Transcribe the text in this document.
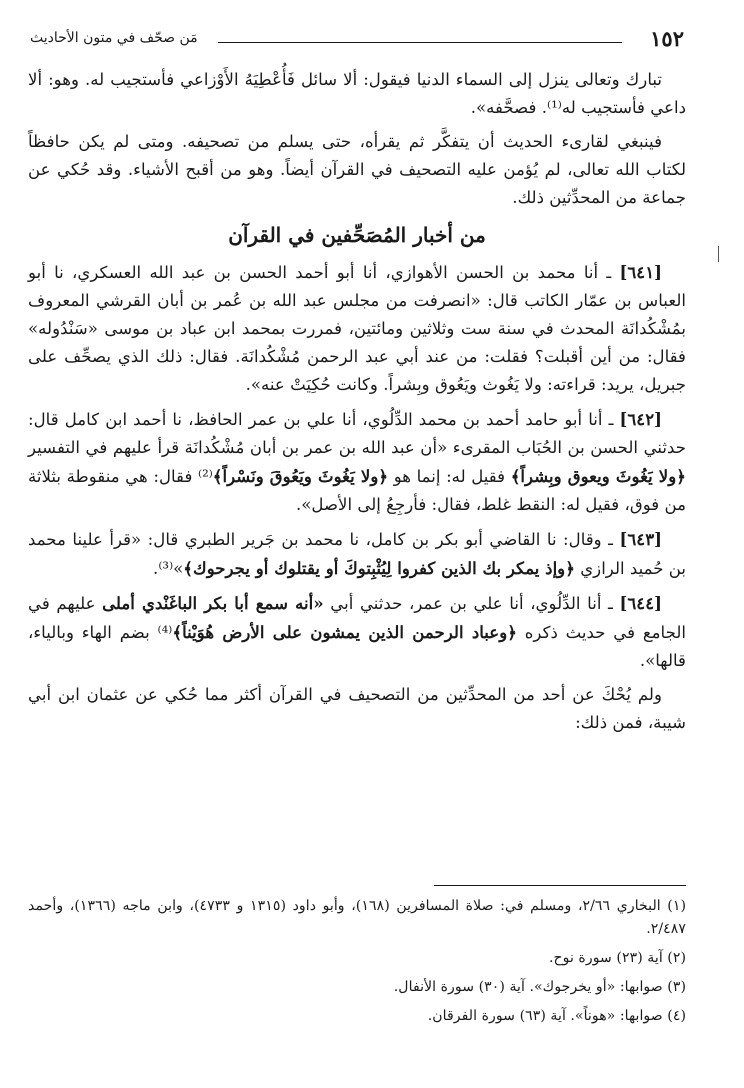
١٥٢
مَن صحّف في متون الأحاديث

تبارك وتعالى ينزل إلى السماء الدنيا فيقول: ألا سائل فَأُعْطِيَهُ الأَوْزاعي فأستجيب له. وهو: ألا داعي فأستجيب له⁽¹⁾. فصحَّفه».

فينبغي لقارىء الحديث أن يتفكَّر ثم يقرأه، حتى يسلم من تصحيفه. ومتى لم يكن حافظاً لكتاب الله تعالى، لم يُؤمن عليه التصحيف في القرآن أيضاً. وهو من أقبح الأشياء. وقد حُكي عن جماعة من المحدِّثين ذلك.

من أخبار المُصَحِّفين في القرآن

[٦٤١] ـ أنا محمد بن الحسن الأهوازي، أنا أبو أحمد الحسن بن عبد الله العسكري، نا أبو العباس بن عمّار الكاتب قال: «انصرفت من مجلس عبد الله بن عُمر بن أبان القرشي المعروف بمُشْكُدانَة المحدث في سنة ست وثلاثين ومائتين، فمررت بمحمد ابن عباد بن موسى «سَنْدُوله» فقال: من أين أقبلت؟ فقلت: من عند أبي عبد الرحمن مُشْكُدانَة. فقال: ذلك الذي يصحِّف على جبريل، يريد: قراءته: ولا يَغُوث ويَعُوق وبِشراً. وكانت حُكِيَتْ عنه».

[٦٤٢] ـ أنا أبو حامد أحمد بن محمد الدِّلُوي، أنا علي بن عمر الحافظ، نا أحمد ابن كامل قال: حدثني الحسن بن الحُبَاب المقرىء «أن عبد الله بن عمر بن أبان مُشْكُدانَة قرأ عليهم في التفسير ﴿ولا يَغُوثَ ويعوق وبِشراً﴾ فقيل له: إنما هو ﴿ولا يَغُوثَ ويَعُوقَ ونَسْراً﴾⁽²⁾ فقال: هي منقوطة بثلاثة من فوق، فقيل له: النقط غلط، فقال: فأرجِعُ إلى الأصل».

[٦٤٣] ـ وقال: نا القاضي أبو بكر بن كامل، نا محمد بن جَرير الطبري قال: «قرأ علينا محمد بن حُميد الرازي ﴿وإذ يمكر بك الذين كفروا لِيُثْبِتوكَ أو يقتلوك أو يجرحوك﴾»⁽³⁾.

[٦٤٤] ـ أنا الدِّلُوي، أنا علي بن عمر، حدثني أبي «أنه سمع أبا بكر الباغَنْدي أملى عليهم في الجامع في حديث ذكره ﴿وعباد الرحمن الذين يمشون على الأرض هُوَيْناً﴾⁽⁴⁾ بضم الهاء وبالياء، قالها».

ولم يُحْكَ عن أحد من المحدِّثين من التصحيف في القرآن أكثر مما حُكي عن عثمان ابن أبي شيبة، فمن ذلك:

(١) البخاري ٢/٦٦، ومسلم في: صلاة المسافرين (١٦٨)، وأبو داود (١٣١٥ و ٤٧٣٣)، وابن ماجه (١٣٦٦)، وأحمد ٢/٤٨٧.

(٢) آية (٢٣) سورة نوح.

(٣) صوابها: «أو يخرجوك». آية (٣٠) سورة الأنفال.

(٤) صوابها: «هوناً». آية (٦٣) سورة الفرقان.
